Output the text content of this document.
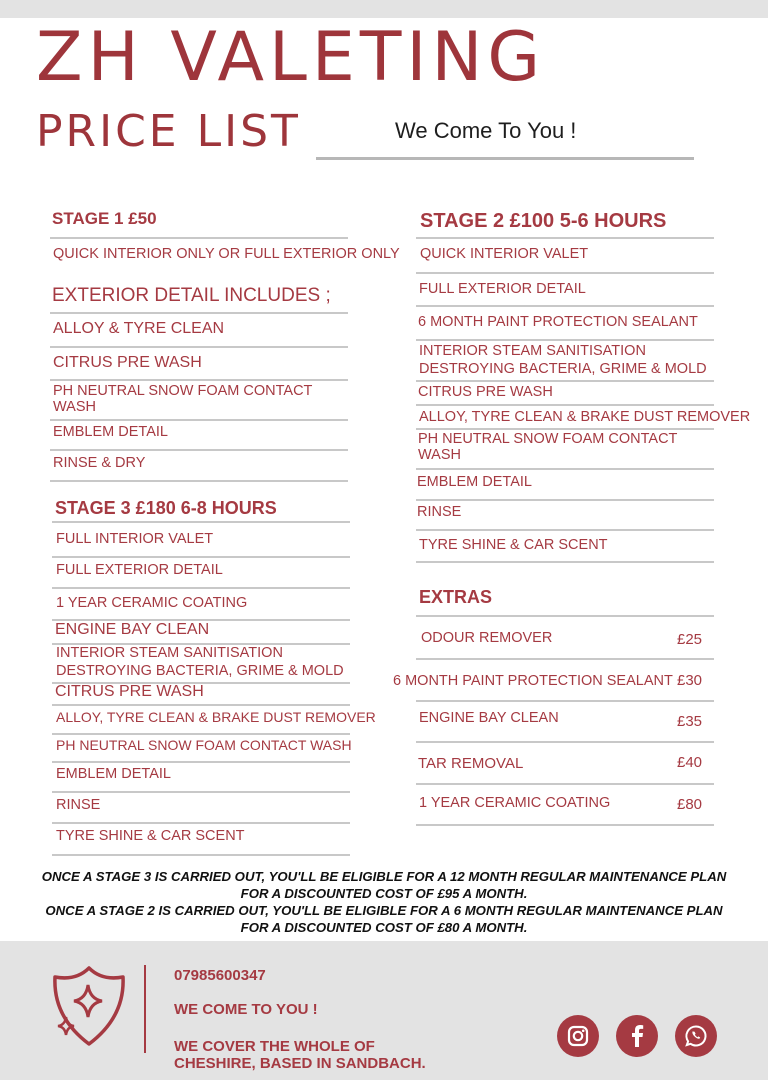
ZH VALETING
PRICE LIST	We Come To You !
STAGE 1 £50
QUICK INTERIOR ONLY OR FULL EXTERIOR ONLY
EXTERIOR DETAIL INCLUDES ;
ALLOY & TYRE CLEAN
CITRUS PRE WASH
PH NEUTRAL SNOW FOAM CONTACT
WASH
EMBLEM DETAIL
RINSE & DRY
STAGE 3 £180 6-8 HOURS
FULL INTERIOR VALET
FULL EXTERIOR DETAIL
1 YEAR CERAMIC COATING
ENGINE BAY CLEAN
INTERIOR STEAM SANITISATION
DESTROYING BACTERIA, GRIME & MOLD
CITRUS PRE WASH
ALLOY, TYRE CLEAN & BRAKE DUST REMOVER
PH NEUTRAL SNOW FOAM CONTACT WASH
EMBLEM DETAIL
RINSE
TYRE SHINE & CAR SCENT
STAGE 2 £100 5-6 HOURS
QUICK INTERIOR VALET
FULL EXTERIOR DETAIL
6 MONTH PAINT PROTECTION SEALANT
INTERIOR STEAM SANITISATION
DESTROYING BACTERIA, GRIME & MOLD
CITRUS PRE WASH
ALLOY, TYRE CLEAN & BRAKE DUST REMOVER
PH NEUTRAL SNOW FOAM CONTACT
WASH
EMBLEM DETAIL
RINSE
TYRE SHINE & CAR SCENT
EXTRAS
ODOUR REMOVER	£25
6 MONTH PAINT PROTECTION SEALANT £30
ENGINE BAY CLEAN	£35
TAR REMOVAL	£40
1 YEAR CERAMIC COATING	£80
ONCE A STAGE 3 IS CARRIED OUT, YOU'LL BE ELIGIBLE FOR A 12 MONTH REGULAR MAINTENANCE PLAN
FOR A DISCOUNTED COST OF £95 A MONTH.
ONCE A STAGE 2 IS CARRIED OUT, YOU'LL BE ELIGIBLE FOR A 6 MONTH REGULAR MAINTENANCE PLAN
FOR A DISCOUNTED COST OF £80 A MONTH.
07985600347
WE COME TO YOU !
WE COVER THE WHOLE OF
CHESHIRE, BASED IN SANDBACH.
